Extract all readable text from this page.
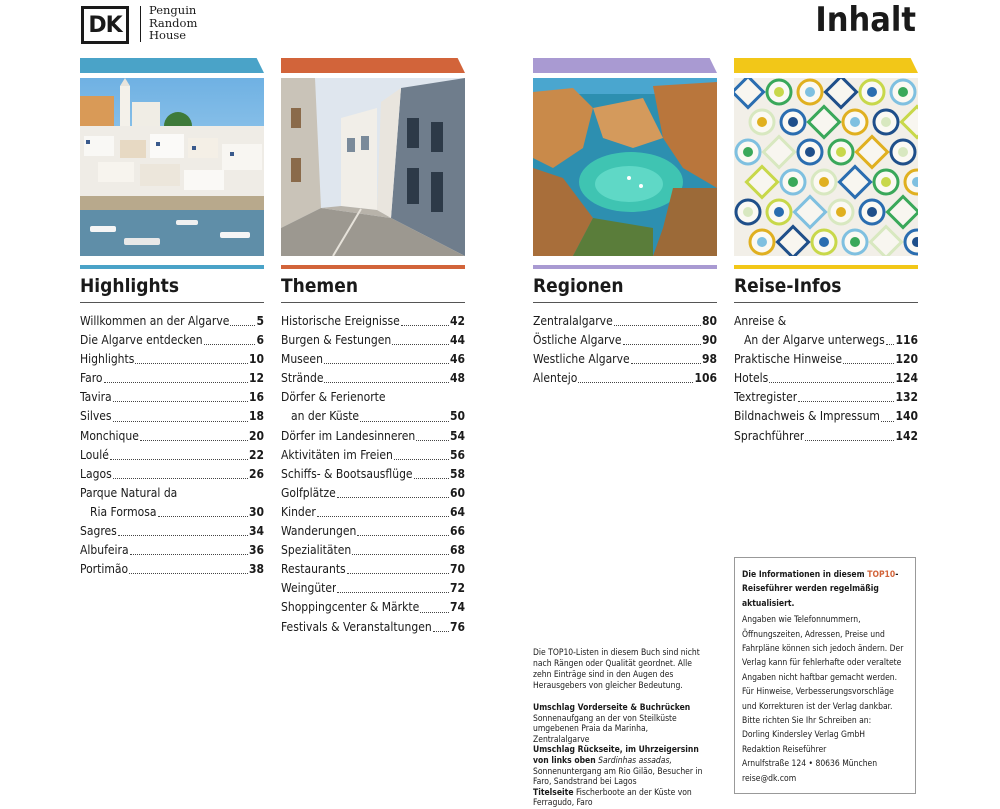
DK
Penguin
Random
House	Inhalt
Highlights
Willkommen an der Algarve 5
Die Algarve entdecken	6
Highlights	10
Faro	12
Tavira	16
Silves	18
Monchique	20
Loulé	22
Lagos	26
Parque Natural da
Ria Formosa	30
Sagres	34
Albufeira	36
Portimão	38
Themen
Historische Ereignisse	42
Burgen & Festungen	44
Museen	46
Strände	48
Dörfer & Ferienorte
an der Küste	50
Dörfer im Landesinneren	54
Aktivitäten im Freien	56
Schiffs- & Bootsausflüge	58
Golfplätze	60
Kinder	64
Wanderungen	66
Spezialitäten	68
Restaurants	70
Weingüter	72
Shoppingcenter & Märkte	74
Festivals & Veranstaltungen 76
Regionen
Zentralalgarve	80
Östliche Algarve	90
Westliche Algarve	98
Alentejo	106
Reise-Infos
Anreise &
An der Algarve unterwegs 116
Praktische Hinweise	120
Hotels	124
Textregister	132
Bildnachweis & Impressum 140
Sprachführer	142
Die TOP10-Listen in diesem Buch sind nicht nach Rängen oder Qualität geordnet. Alle zehn Einträge sind in den Augen des Herausgebers von gleicher Bedeutung.
Umschlag Vorderseite & Buchrücken
Sonnenaufgang an der von Steilküste umgebenen Praia da Marinha, Zentralalgarve
Umschlag Rückseite, im Uhrzeigersinn von links oben Sardinhas assadas, Sonnenuntergang am Rio Gilão, Besucher in Faro, Sandstrand bei Lagos
Titelseite Fischerboote an der Küste von Ferragudo, Faro
Die Informationen in diesem TOP10-Reiseführer werden regelmäßig aktualisiert.
Angaben wie Telefonnummern, Öffnungszeiten, Adressen, Preise und Fahrpläne können sich jedoch ändern. Der Verlag kann für fehlerhafte oder veraltete Angaben nicht haftbar gemacht werden. Für Hinweise, Verbesserungsvorschläge und Korrekturen ist der Verlag dankbar. Bitte richten Sie Ihr Schreiben an:
Dorling Kindersley Verlag GmbH
Redaktion Reiseführer
Arnulfstraße 124 • 80636 München
reise@dk.com
